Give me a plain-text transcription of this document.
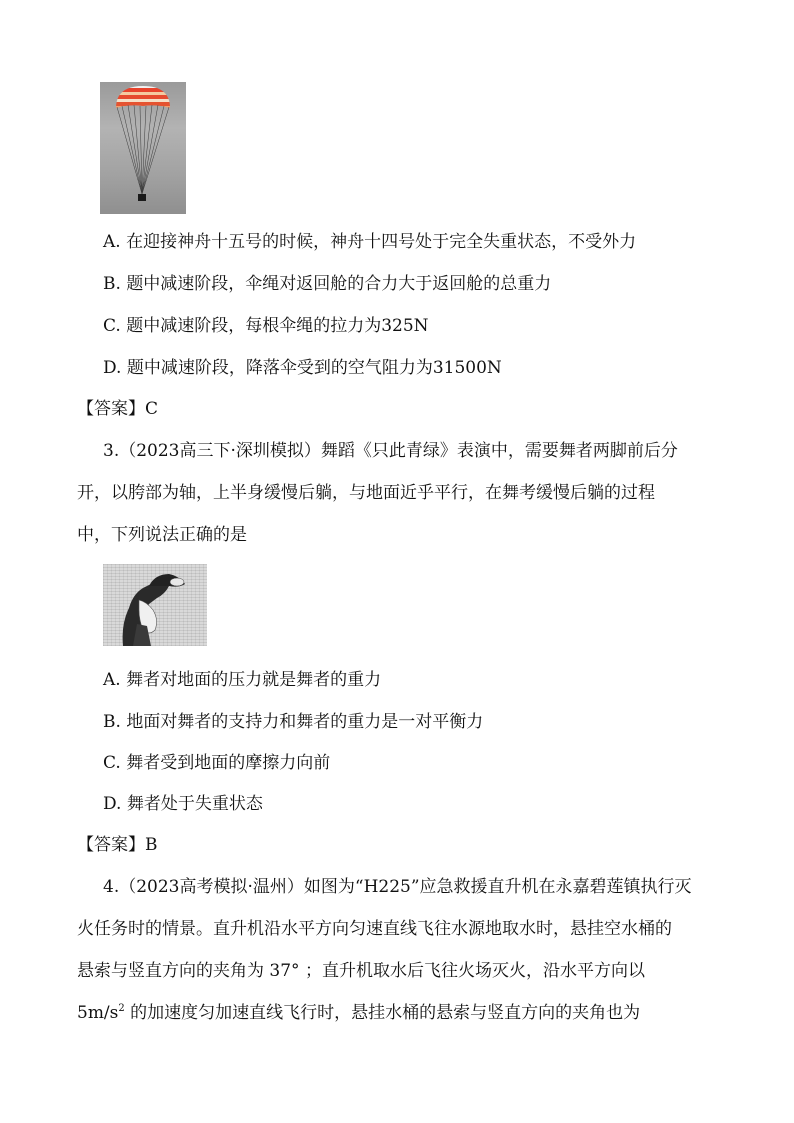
A. 在迎接神舟十五号的时候，神舟十四号处于完全失重状态，不受外力
B. 题中减速阶段，伞绳对返回舱的合力大于返回舱的总重力
C. 题中减速阶段，每根伞绳的拉力为325N
D. 题中减速阶段，降落伞受到的空气阻力为31500N
【答案】C
3.（2023高三下·深圳模拟）舞蹈《只此青绿》表演中，需要舞者两脚前后分
开，以胯部为轴，上半身缓慢后躺，与地面近乎平行，在舞考缓慢后躺的过程
中，下列说法正确的是
A. 舞者对地面的压力就是舞者的重力
B. 地面对舞者的支持力和舞者的重力是一对平衡力
C. 舞者受到地面的摩擦力向前
D. 舞者处于失重状态
【答案】B
4.（2023高考模拟·温州）如图为“H225”应急救援直升机在永嘉碧莲镇执行灭
火任务时的情景。直升机沿水平方向匀速直线飞往水源地取水时，悬挂空水桶的
悬索与竖直方向的夹角为 37° ；直升机取水后飞往火场灭火，沿水平方向以
$5m/s^2$ 的加速度匀加速直线飞行时，悬挂水桶的悬索与竖直方向的夹角也为
